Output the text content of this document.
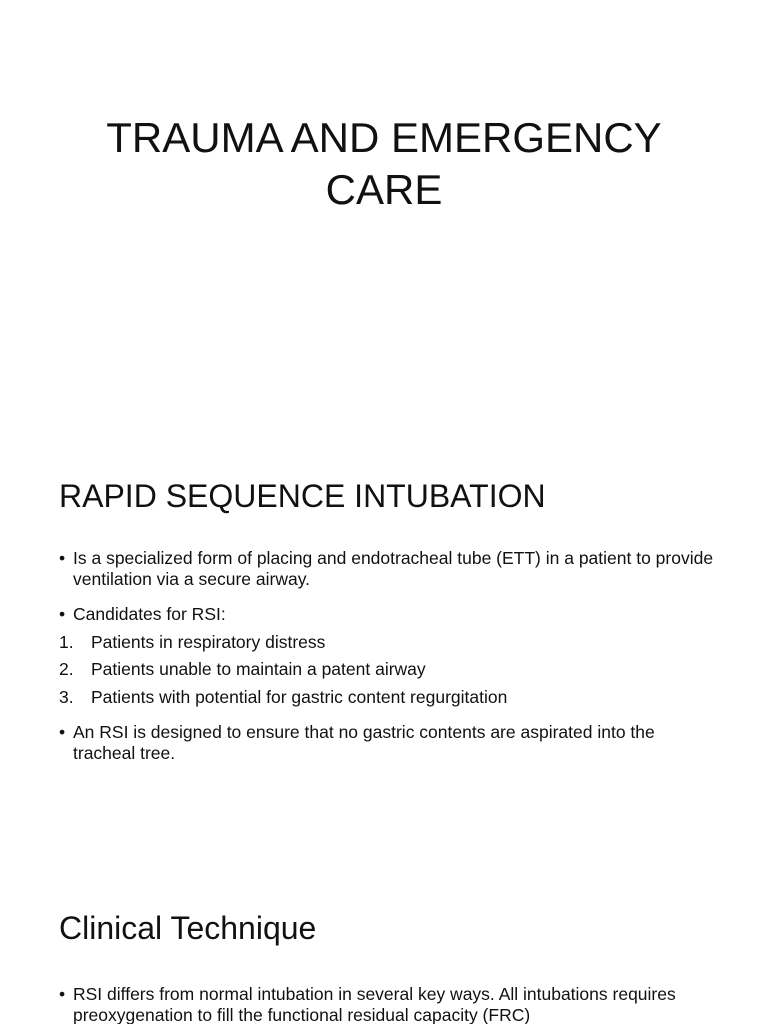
TRAUMA AND EMERGENCY
CARE
RAPID SEQUENCE INTUBATION
• Is a specialized form of placing and endotracheal tube (ETT) in a patient to provide ventilation via a secure airway.
• Candidates for RSI:
1. Patients in respiratory distress
2. Patients unable to maintain a patent airway
3. Patients with potential for gastric content regurgitation
• An RSI is designed to ensure that no gastric contents are aspirated into the tracheal tree.
Clinical Technique
• RSI differs from normal intubation in several key ways. All intubations requires preoxygenation to fill the functional residual capacity (FRC)
